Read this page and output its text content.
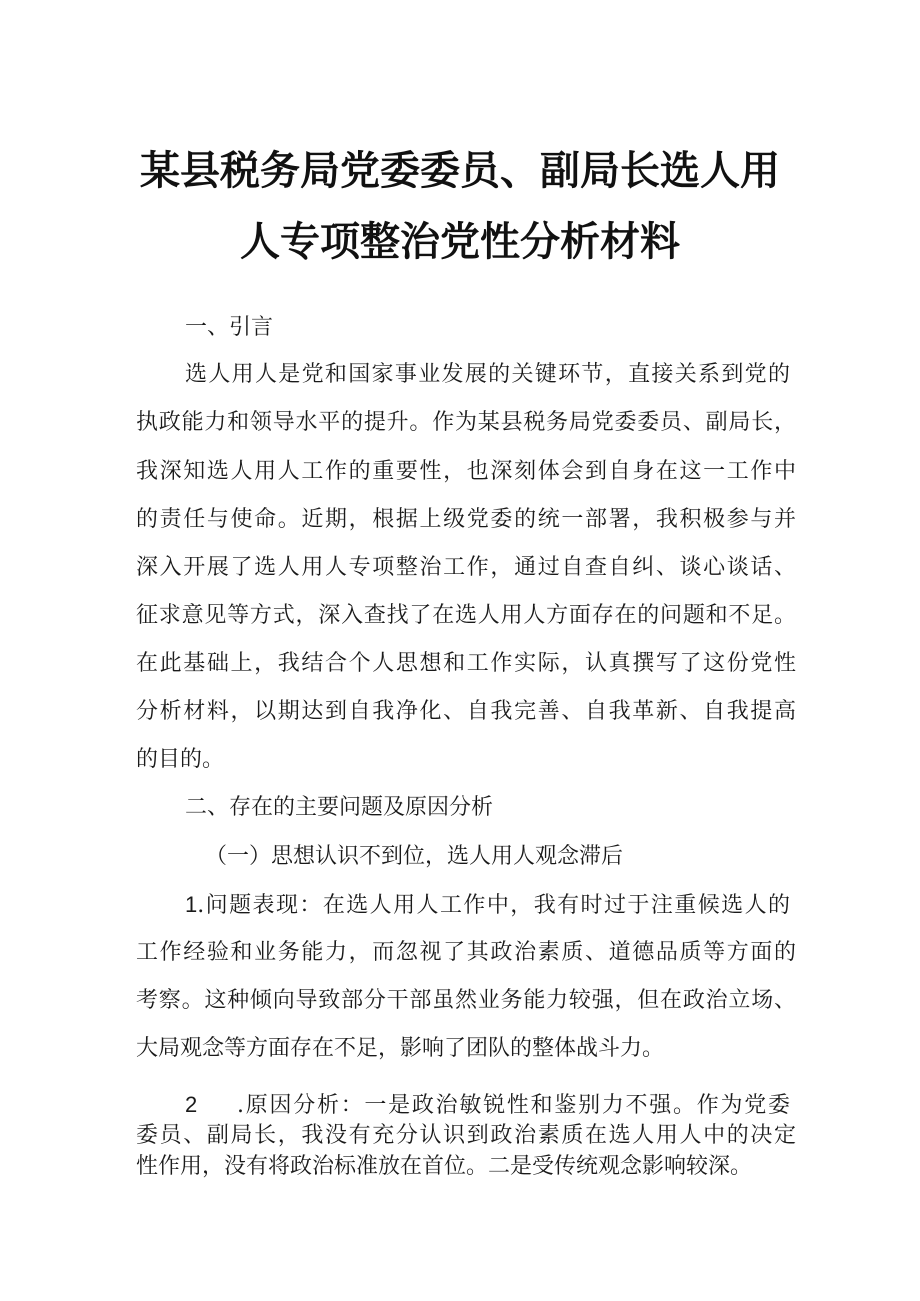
某县税务局党委委员、副局长选人用
人专项整治党性分析材料
一、引言
选人用人是党和国家事业发展的关键环节，直接关系到党的
执政能力和领导水平的提升。作为某县税务局党委委员、副局长，
我深知选人用人工作的重要性，也深刻体会到自身在这一工作中
的责任与使命。近期，根据上级党委的统一部署，我积极参与并
深入开展了选人用人专项整治工作，通过自查自纠、谈心谈话、
征求意见等方式，深入查找了在选人用人方面存在的问题和不足。
在此基础上，我结合个人思想和工作实际，认真撰写了这份党性
分析材料，以期达到自我净化、自我完善、自我革新、自我提高
的目的。
二、存在的主要问题及原因分析
（一）思想认识不到位，选人用人观念滞后
1.问题表现：在选人用人工作中，我有时过于注重候选人的
工作经验和业务能力，而忽视了其政治素质、道德品质等方面的
考察。这种倾向导致部分干部虽然业务能力较强，但在政治立场、
大局观念等方面存在不足，影响了团队的整体战斗力。
2 .原因分析：一是政治敏锐性和鉴别力不强。作为党委
委员、副局长，我没有充分认识到政治素质在选人用人中的决定
性作用，没有将政治标准放在首位。二是受传统观念影响较深。
